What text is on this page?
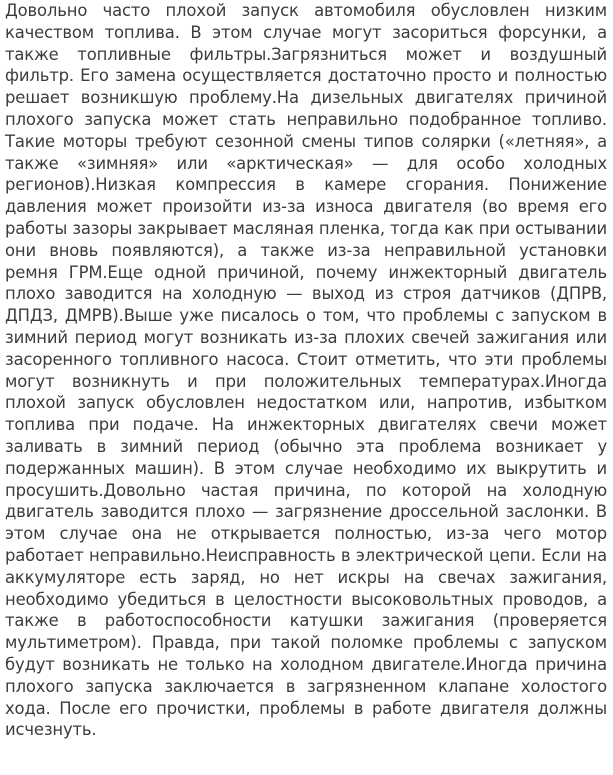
Довольно часто плохой запуск автомобиля обусловлен низким качеством топлива. В этом случае могут засориться форсунки, а также топливные фильтры.Загрязниться может и воздушный фильтр. Его замена осуществляется достаточно просто и полностью решает возникшую проблему.На дизельных двигателях причиной плохого запуска может стать неправильно подобранное топливо. Такие моторы требуют сезонной смены типов солярки («летняя», а также «зимняя» или «арктическая» — для особо холодных регионов).Низкая компрессия в камере сгорания. Понижение давления может произойти из-за износа двигателя (во время его работы зазоры закрывает масляная пленка, тогда как при остывании они вновь появляются), а также из-за неправильной установки ремня ГРМ.Еще одной причиной, почему инжекторный двигатель плохо заводится на холодную — выход из строя датчиков (ДПРВ, ДПДЗ, ДМРВ).Выше уже писалось о том, что проблемы с запуском в зимний период могут возникать из-за плохих свечей зажигания или засоренного топливного насоса. Стоит отметить, что эти проблемы могут возникнуть и при положительных температурах.Иногда плохой запуск обусловлен недостатком или, напротив, избытком топлива при подаче. На инжекторных двигателях свечи может заливать в зимний период (обычно эта проблема возникает у подержанных машин). В этом случае необходимо их выкрутить и просушить.Довольно частая причина, по которой на холодную двигатель заводится плохо — загрязнение дроссельной заслонки. В этом случае она не открывается полностью, из-за чего мотор работает неправильно.Неисправность в электрической цепи. Если на аккумуляторе есть заряд, но нет искры на свечах зажигания, необходимо убедиться в целостности высоковольтных проводов, а также в работоспособности катушки зажигания (проверяется мультиметром). Правда, при такой поломке проблемы с запуском будут возникать не только на холодном двигателе.Иногда причина плохого запуска заключается в загрязненном клапане холостого хода. После его прочистки, проблемы в работе двигателя должны исчезнуть.
